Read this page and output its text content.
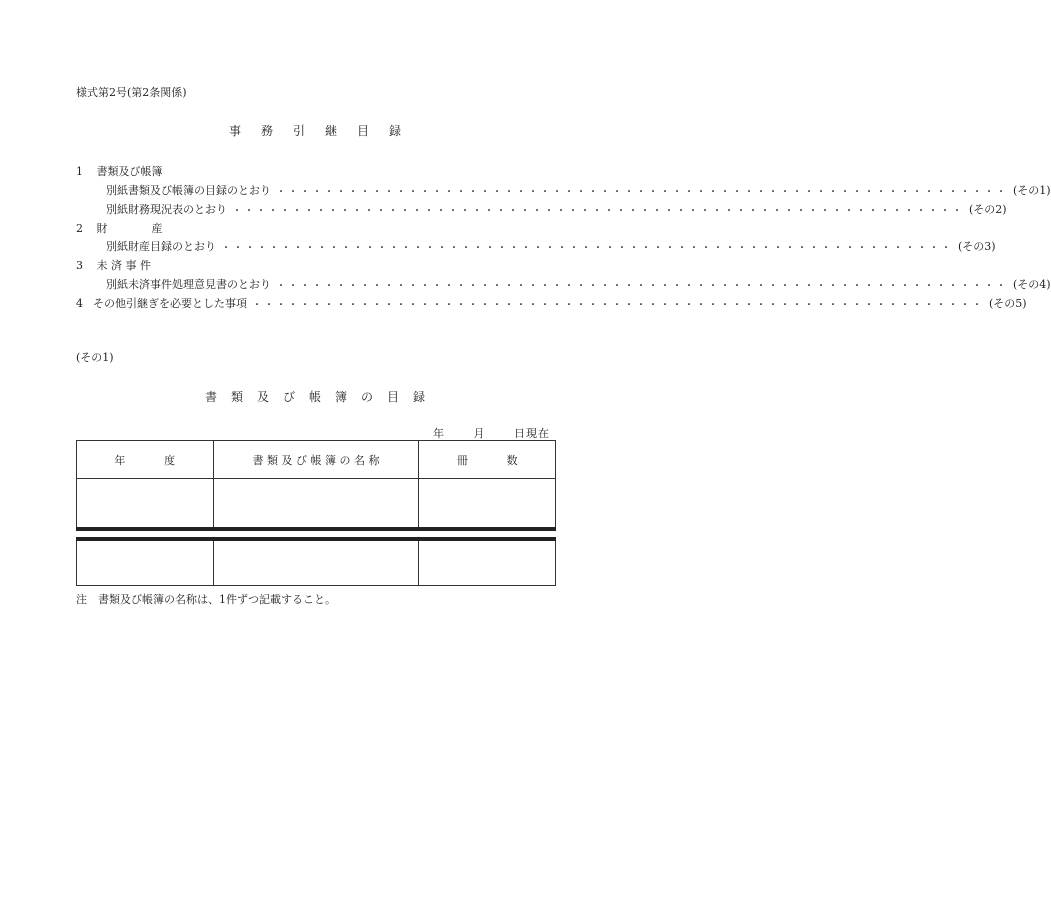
様式第2号(第2条関係)
事務引継目録
1 書類及び帳簿
別紙書類及び帳簿の目録のとおり ・・・・・・・・・・・・・・・・・・・・・・・・・・・・・・・・・・・・・・・・・・・・・・・・・・・・・・・・・・・・・ (その1)
別紙財務現況表のとおり ・・・・・・・・・・・・・・・・・・・・・・・・・・・・・・・・・・・・・・・・・・・・・・・・・・・・・・・・・・・・・ (その2)
2 財　　　　産
別紙財産目録のとおり ・・・・・・・・・・・・・・・・・・・・・・・・・・・・・・・・・・・・・・・・・・・・・・・・・・・・・・・・・・・・・ (その3)
3 未 済 事 件
別紙未済事件処理意見書のとおり ・・・・・・・・・・・・・・・・・・・・・・・・・・・・・・・・・・・・・・・・・・・・・・・・・・・・・・・・・・・・・ (その4)
4 その他引継ぎを必要とした事項 ・・・・・・・・・・・・・・・・・・・・・・・・・・・・・・・・・・・・・・・・・・・・・・・・・・・・・・・・・・・・・ (その5)
(その1)
書類及び帳簿の目録
年	月	日現在
年 度	書 類 及 び 帳 簿 の 名 称	冊 数

注　書類及び帳簿の名称は、1件ずつ記載すること。
